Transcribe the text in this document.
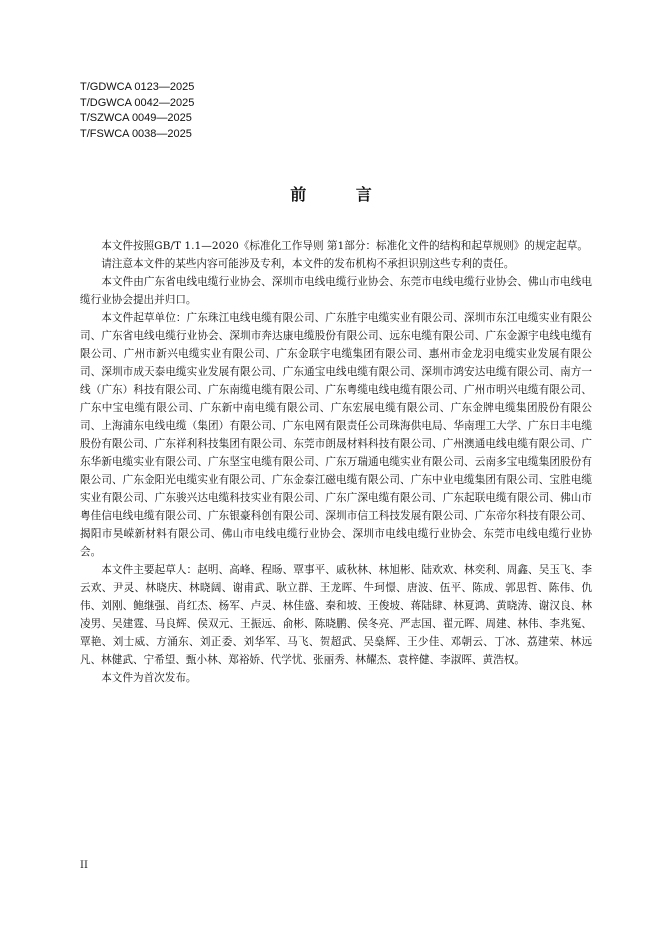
T/GDWCA 0123—2025
T/DGWCA 0042—2025
T/SZWCA 0049—2025
T/FSWCA 0038—2025
前 言

本文件按照GB/T 1.1—2020《标准化工作导则 第1部分：标准化文件的结构和起草规则》的规定起草。

请注意本文件的某些内容可能涉及专利，本文件的发布机构不承担识别这些专利的责任。

本文件由广东省电线电缆行业协会、深圳市电线电缆行业协会、东莞市电线电缆行业协会、佛山市电线电缆行业协会提出并归口。

本文件起草单位：广东珠江电线电缆有限公司、广东胜宇电缆实业有限公司、深圳市东江电缆实业有限公司、广东省电线电缆行业协会、深圳市奔达康电缆股份有限公司、远东电缆有限公司、广东金源宇电线电缆有限公司、广州市新兴电缆实业有限公司、广东金联宇电缆集团有限公司、惠州市金龙羽电缆实业发展有限公司、深圳市成天泰电缆实业发展有限公司、广东通宝电线电缆有限公司、深圳市鸿安达电缆有限公司、南方一线（广东）科技有限公司、广东南缆电缆有限公司、广东粤缆电线电缆有限公司、广州市明兴电缆有限公司、广东中宝电缆有限公司、广东新中南电缆有限公司、广东宏展电缆有限公司、广东金牌电缆集团股份有限公司、上海浦东电线电缆（集团）有限公司、广东电网有限责任公司珠海供电局、华南理工大学、广东日丰电缆股份有限公司、广东祥利科技集团有限公司、东莞市朗晟材料科技有限公司、广州澳通电线电缆有限公司、广东华新电缆实业有限公司、广东坚宝电缆有限公司、广东万瑞通电缆实业有限公司、云南多宝电缆集团股份有限公司、广东金阳光电缆实业有限公司、广东金泰江磁电缆有限公司、广东中业电缆集团有限公司、宝胜电缆实业有限公司、广东骏兴达电缆科技实业有限公司、广东广深电缆有限公司、广东起联电缆有限公司、佛山市粤佳信电线电缆有限公司、广东银豪科创有限公司、深圳市信工科技发展有限公司、广东帝尔科技有限公司、揭阳市昊嵘新材料有限公司、佛山市电线电缆行业协会、深圳市电线电缆行业协会、东莞市电线电缆行业协会。

本文件主要起草人：赵明、高峰、程旸、覃事平、戚秋林、林旭彬、陆欢欢、林奕利、周鑫、吴玉飞、李云欢、尹灵、林晓庆、林晓阔、谢甫武、耿立群、王龙晖、牛珂憬、唐波、伍平、陈成、郭思哲、陈伟、仇伟、刘刚、鲍继强、肖红杰、杨军、卢灵、林佳盛、秦和坡、王俊坡、蒋陆肆、林夏鸿、黄晓涛、谢汉良、林凌男、吴建霆、马良辉、侯双元、王振远、俞彬、陈晓鹏、侯冬亮、严志国、翟元晖、周建、林伟、李兆冤、覃艳、刘士威、方涌东、刘正委、刘华军、马飞、贺超武、吴燊辉、王少佳、邓朝云、丁冰、荔建荣、林远凡、林健武、宁希望、甄小林、郑裕娇、代学忧、张丽秀、林耀杰、袁梓健、李淑晖、黄浩权。

本文件为首次发布。

II
